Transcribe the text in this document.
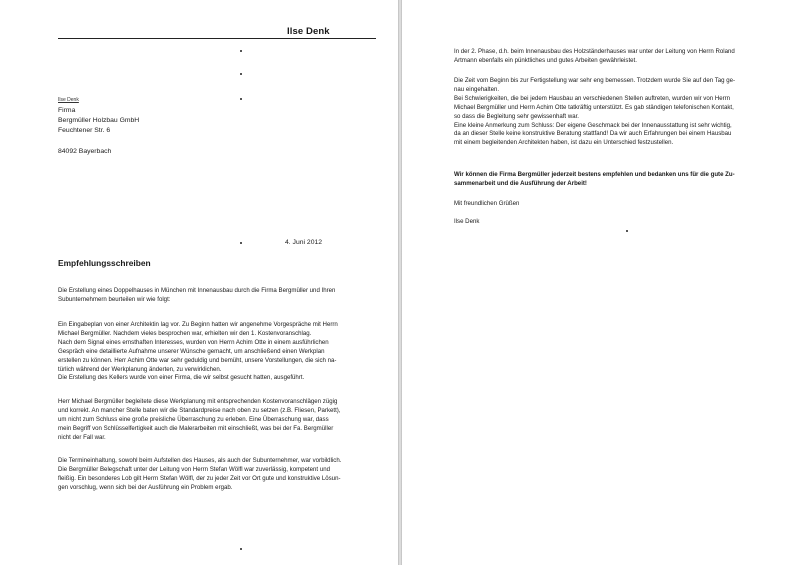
Ilse Denk
Ilse Denk
Firma
Bergmüller Holzbau GmbH
Feuchtener Str. 6
84092 Bayerbach
4. Juni 2012
Empfehlungsschreiben

Die Erstellung eines Doppelhauses in München mit Innenausbau durch die Firma Bergmüller und Ihren

Subunternehmern beurteilen wir wie folgt:

Ein Eingabeplan von einer Architektin lag vor. Zu Beginn hatten wir angenehme Vorgespräche mit Herrn

Michael Bergmüller. Nachdem vieles besprochen war, erhielten wir den 1. Kostenvoranschlag.

Nach dem Signal eines ernsthaften Interesses, wurden von Herrn Achim Otte in einem ausführlichen

Gespräch eine detaillierte Aufnahme unserer Wünsche gemacht, um anschließend einen Werkplan

erstellen zu können. Herr Achim Otte war sehr geduldig und bemüht, unsere Vorstellungen, die sich na-

türlich während der Werkplanung änderten, zu verwirklichen.

Die Erstellung des Kellers wurde von einer Firma, die wir selbst gesucht hatten, ausgeführt.

Herr Michael Bergmüller begleitete diese Werkplanung mit entsprechenden Kostenvoranschlägen zügig

und korrekt. An mancher Stelle baten wir die Standardpreise nach oben zu setzen (z.B. Fliesen, Parkett),

um nicht zum Schluss eine große preisliche Überraschung zu erleben. Eine Überraschung war, dass

mein Begriff von Schlüsselfertigkeit auch die Malerarbeiten mit einschließt, was bei der Fa. Bergmüller

nicht der Fall war.

Die Termineinhaltung, sowohl beim Aufstellen des Hauses, als auch der Subunternehmer, war vorbildlich.

Die Bergmüller Belegschaft unter der Leitung von Herrn Stefan Wölfl war zuverlässig, kompetent und

fleißig. Ein besonderes Lob gilt Herrn Stefan Wölfl, der zu jeder Zeit vor Ort gute und konstruktive Lösun-

gen vorschlug, wenn sich bei der Ausführung ein Problem ergab.

In der 2. Phase, d.h. beim Innenausbau des Holzständerhauses war unter der Leitung von Herrn Roland

Artmann ebenfalls ein pünktliches und gutes Arbeiten gewährleistet.

Die Zeit vom Beginn bis zur Fertigstellung war sehr eng bemessen. Trotzdem wurde Sie auf den Tag ge-

nau eingehalten.

Bei Schwierigkeiten, die bei jedem Hausbau an verschiedenen Stellen auftreten, wurden wir von Herrn

Michael Bergmüller und Herrn Achim Otte tatkräftig unterstützt. Es gab ständigen telefonischen Kontakt,

so dass die Begleitung sehr gewissenhaft war.

Eine kleine Anmerkung zum Schluss: Der eigene Geschmack bei der Innenausstattung ist sehr wichtig,

da an dieser Stelle keine konstruktive Beratung stattfand! Da wir auch Erfahrungen bei einem Hausbau

mit einem begleitenden Architekten haben, ist dazu ein Unterschied festzustellen.

Wir können die Firma Bergmüller jederzeit bestens empfehlen und bedanken uns für die gute Zu-

sammenarbeit und die Ausführung der Arbeit!

Mit freundlichen Grüßen
Ilse Denk
